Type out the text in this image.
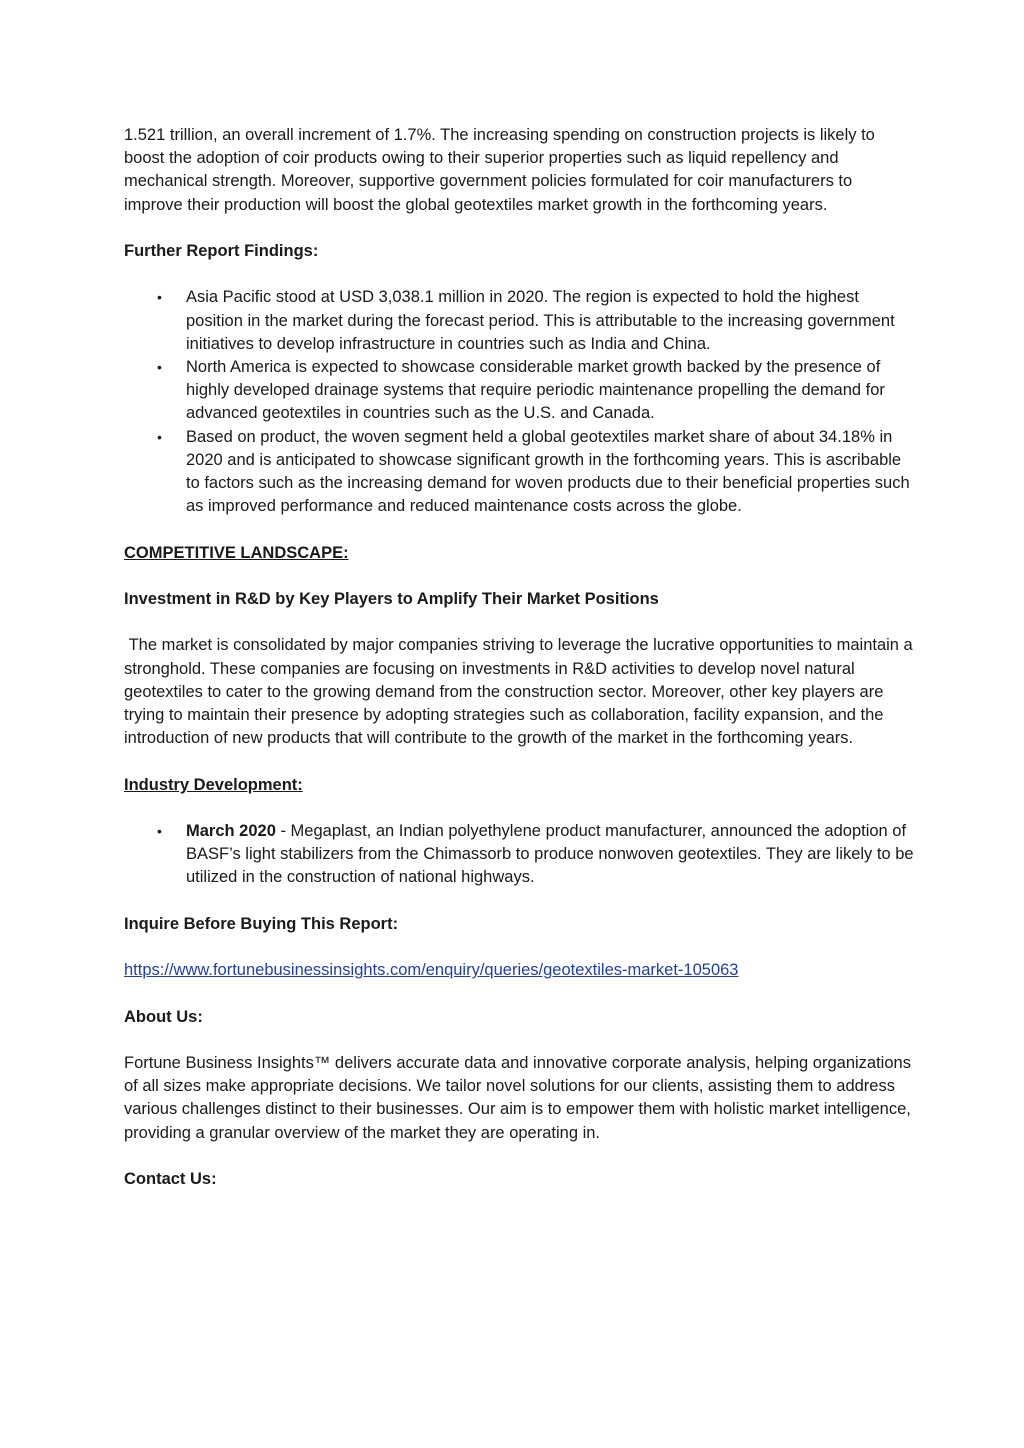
1.521 trillion, an overall increment of 1.7%. The increasing spending on construction projects is likely to boost the adoption of coir products owing to their superior properties such as liquid repellency and mechanical strength. Moreover, supportive government policies formulated for coir manufacturers to improve their production will boost the global geotextiles market growth in the forthcoming years.

Further Report Findings:
• Asia Pacific stood at USD 3,038.1 million in 2020. The region is expected to hold the highest position in the market during the forecast period. This is attributable to the increasing government initiatives to develop infrastructure in countries such as India and China.
• North America is expected to showcase considerable market growth backed by the presence of highly developed drainage systems that require periodic maintenance propelling the demand for advanced geotextiles in countries such as the U.S. and Canada.
• Based on product, the woven segment held a global geotextiles market share of about 34.18% in 2020 and is anticipated to showcase significant growth in the forthcoming years. This is ascribable to factors such as the increasing demand for woven products due to their beneficial properties such as improved performance and reduced maintenance costs across the globe.
COMPETITIVE LANDSCAPE:
Investment in R&D by Key Players to Amplify Their Market Positions

The market is consolidated by major companies striving to leverage the lucrative opportunities to maintain a stronghold. These companies are focusing on investments in R&D activities to develop novel natural geotextiles to cater to the growing demand from the construction sector. Moreover, other key players are trying to maintain their presence by adopting strategies such as collaboration, facility expansion, and the introduction of new products that will contribute to the growth of the market in the forthcoming years.

Industry Development:
• March 2020 - Megaplast, an Indian polyethylene product manufacturer, announced the adoption of BASF’s light stabilizers from the Chimassorb to produce nonwoven geotextiles. They are likely to be utilized in the construction of national highways.
Inquire Before Buying This Report:

https://www.fortunebusinessinsights.com/enquiry/queries/geotextiles-market-105063

About Us:

Fortune Business Insights™ delivers accurate data and innovative corporate analysis, helping organizations of all sizes make appropriate decisions. We tailor novel solutions for our clients, assisting them to address various challenges distinct to their businesses. Our aim is to empower them with holistic market intelligence, providing a granular overview of the market they are operating in.

Contact Us:
